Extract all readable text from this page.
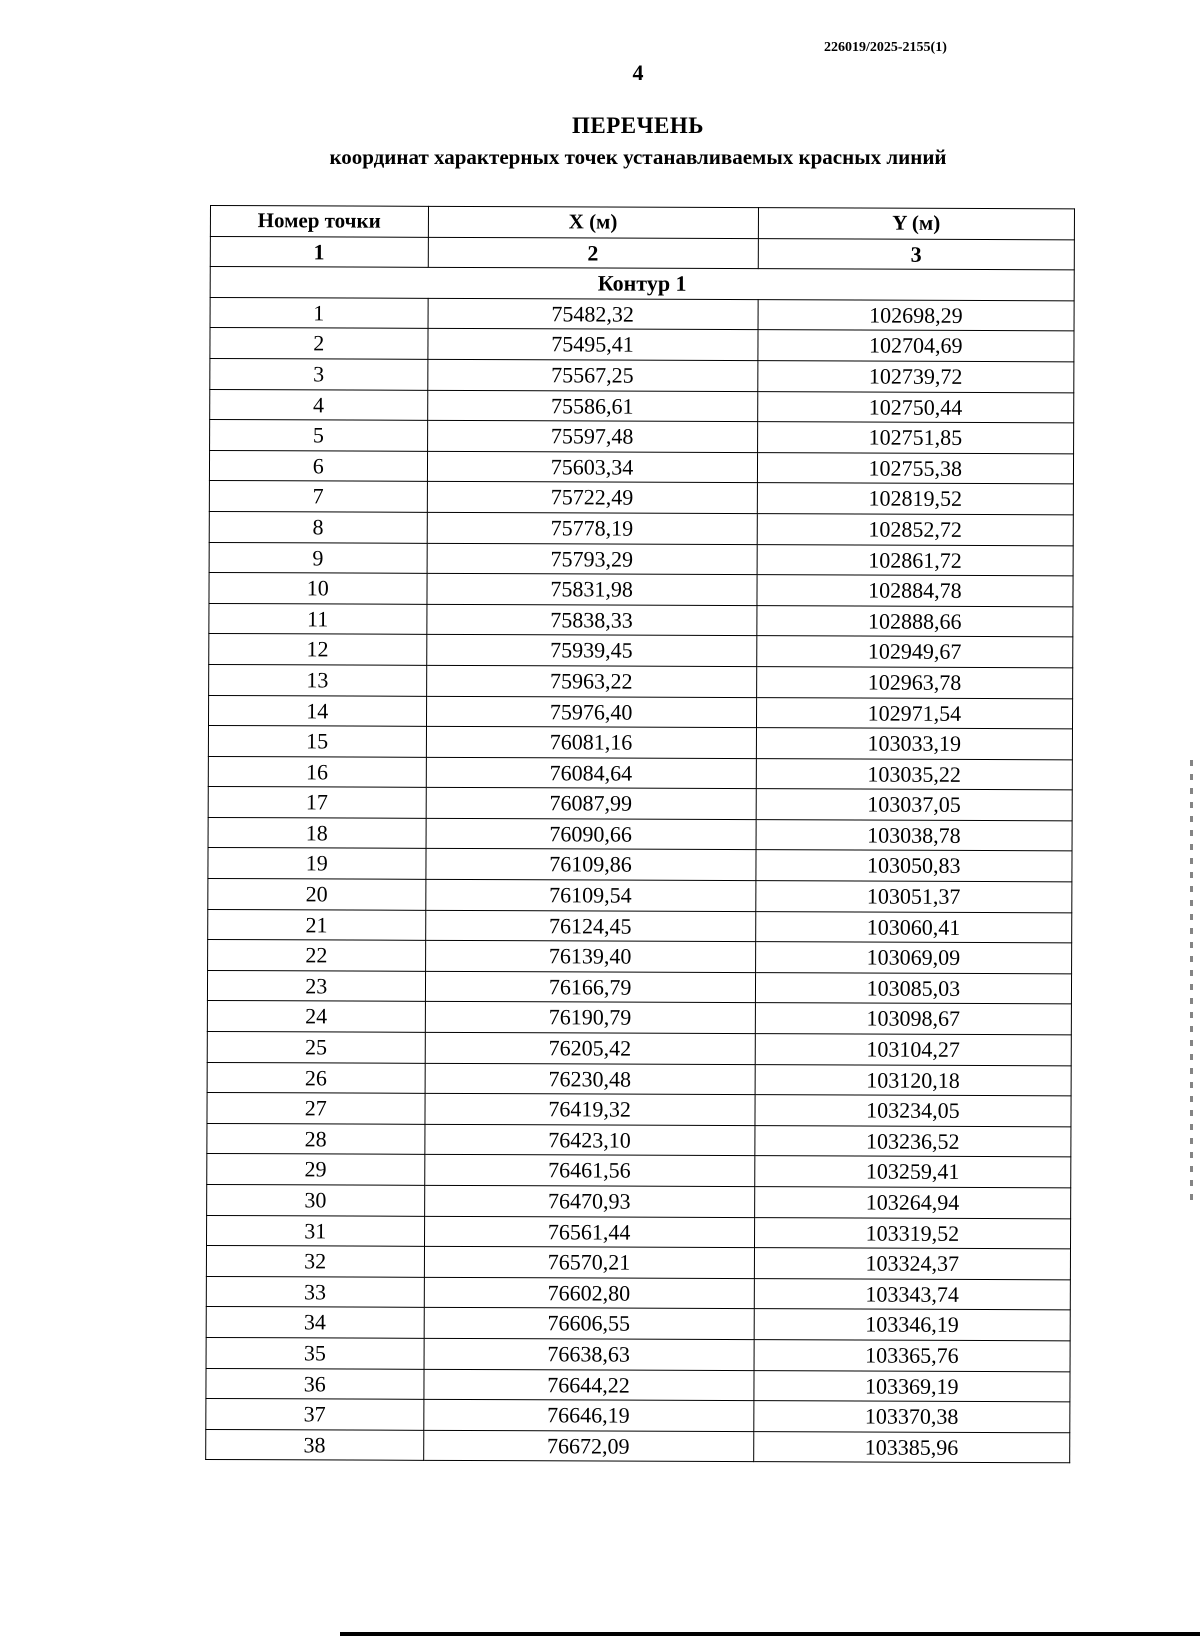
226019/2025-2155(1)
4
ПЕРЕЧЕНЬ
координат характерных точек устанавливаемых красных линий
Номер точки	X (м)	Y (м)
1	2	3
Контур 1		
1	75482,32	102698,29
2	75495,41	102704,69
3	75567,25	102739,72
4	75586,61	102750,44
5	75597,48	102751,85
6	75603,34	102755,38
7	75722,49	102819,52
8	75778,19	102852,72
9	75793,29	102861,72
10	75831,98	102884,78
11	75838,33	102888,66
12	75939,45	102949,67
13	75963,22	102963,78
14	75976,40	102971,54
15	76081,16	103033,19
16	76084,64	103035,22
17	76087,99	103037,05
18	76090,66	103038,78
19	76109,86	103050,83
20	76109,54	103051,37
21	76124,45	103060,41
22	76139,40	103069,09
23	76166,79	103085,03
24	76190,79	103098,67
25	76205,42	103104,27
26	76230,48	103120,18
27	76419,32	103234,05
28	76423,10	103236,52
29	76461,56	103259,41
30	76470,93	103264,94
31	76561,44	103319,52
32	76570,21	103324,37
33	76602,80	103343,74
34	76606,55	103346,19
35	76638,63	103365,76
36	76644,22	103369,19
37	76646,19	103370,38
38	76672,09	103385,96
